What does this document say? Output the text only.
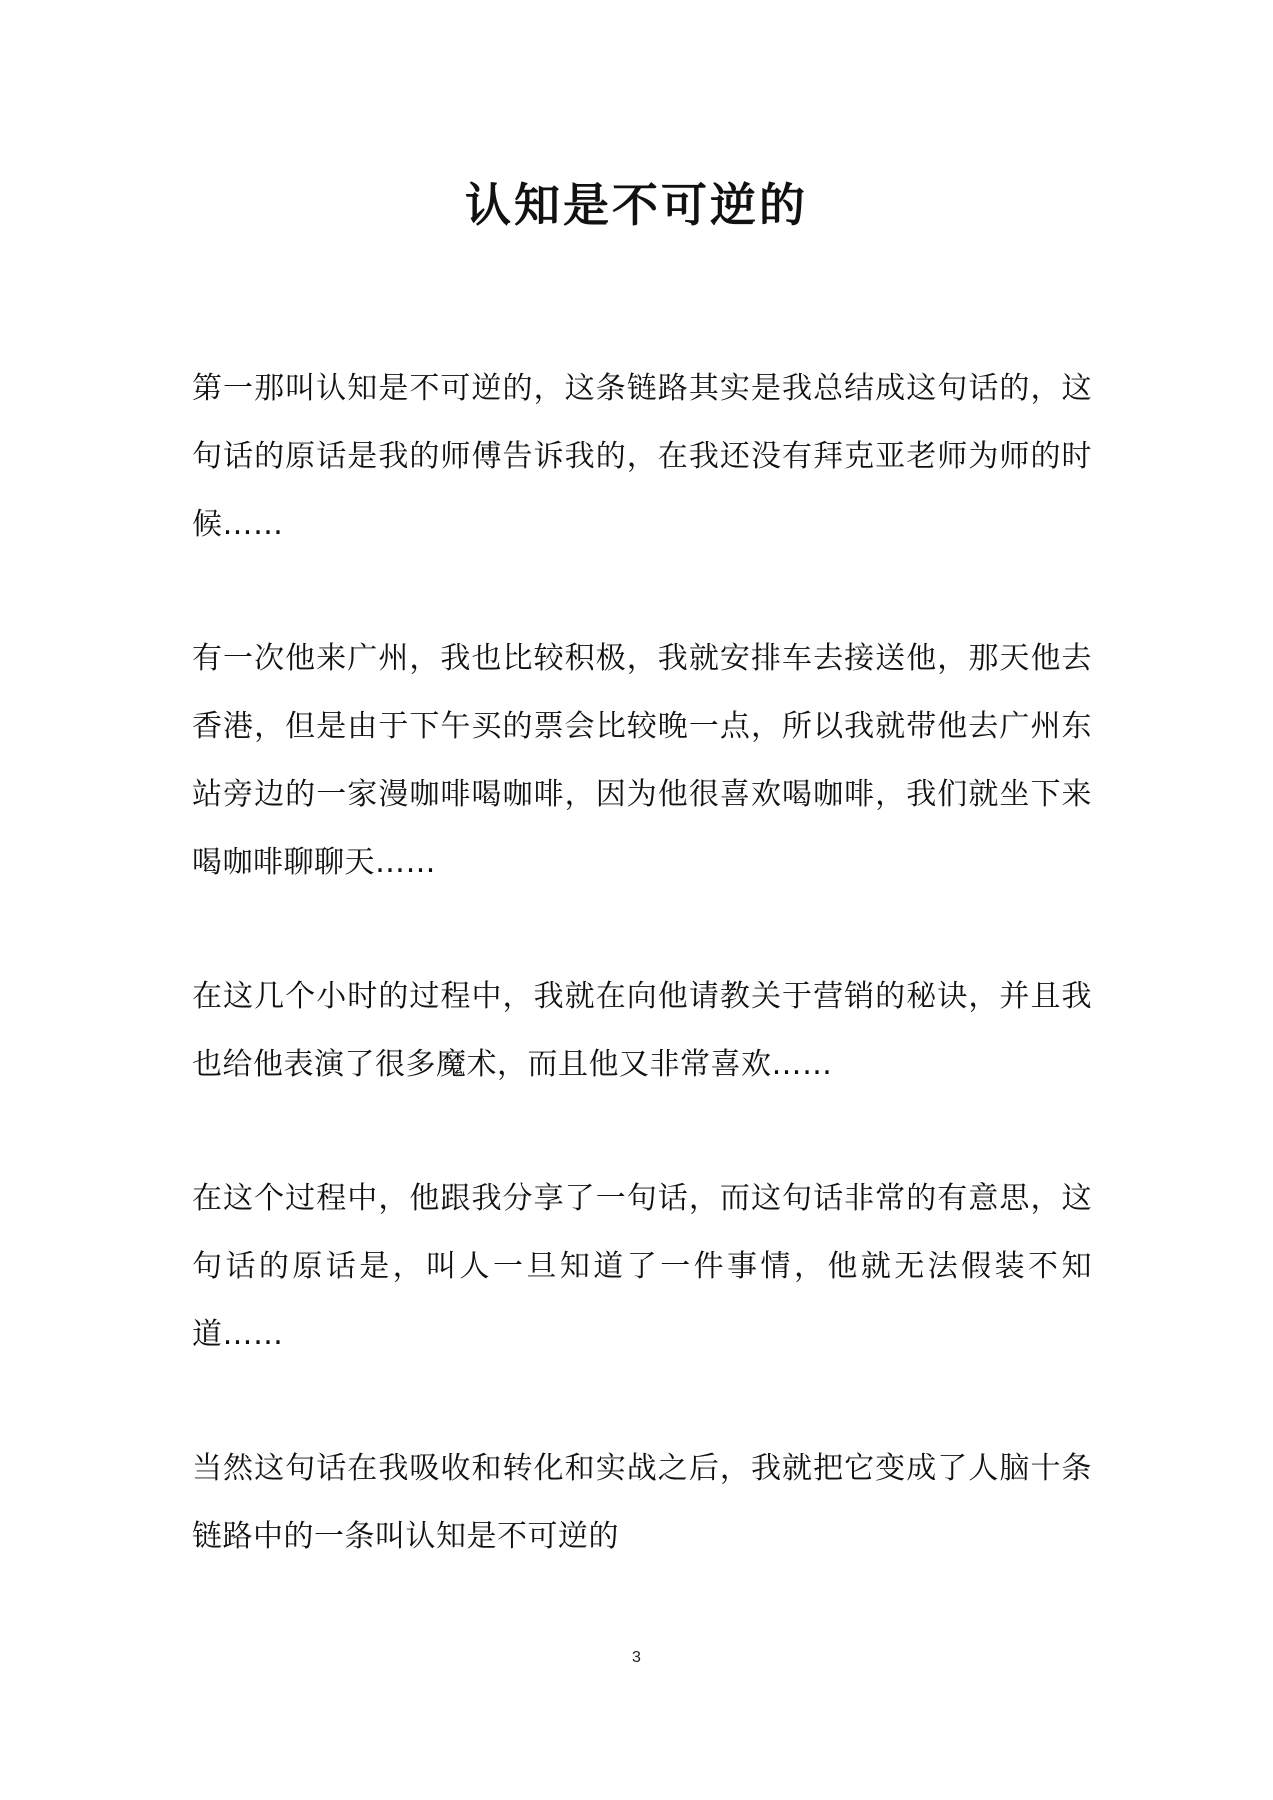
认知是不可逆的

第一那叫认知是不可逆的，这条链路其实是我总结成这句话的，这句话的原话是我的师傅告诉我的，在我还没有拜克亚老师为师的时候……

有一次他来广州，我也比较积极，我就安排车去接送他，那天他去香港，但是由于下午买的票会比较晚一点，所以我就带他去广州东站旁边的一家漫咖啡喝咖啡，因为他很喜欢喝咖啡，我们就坐下来喝咖啡聊聊天……

在这几个小时的过程中，我就在向他请教关于营销的秘诀，并且我也给他表演了很多魔术，而且他又非常喜欢……

在这个过程中，他跟我分享了一句话，而这句话非常的有意思，这句话的原话是，叫人一旦知道了一件事情，他就无法假装不知道……

当然这句话在我吸收和转化和实战之后，我就把它变成了人脑十条链路中的一条叫认知是不可逆的

3
